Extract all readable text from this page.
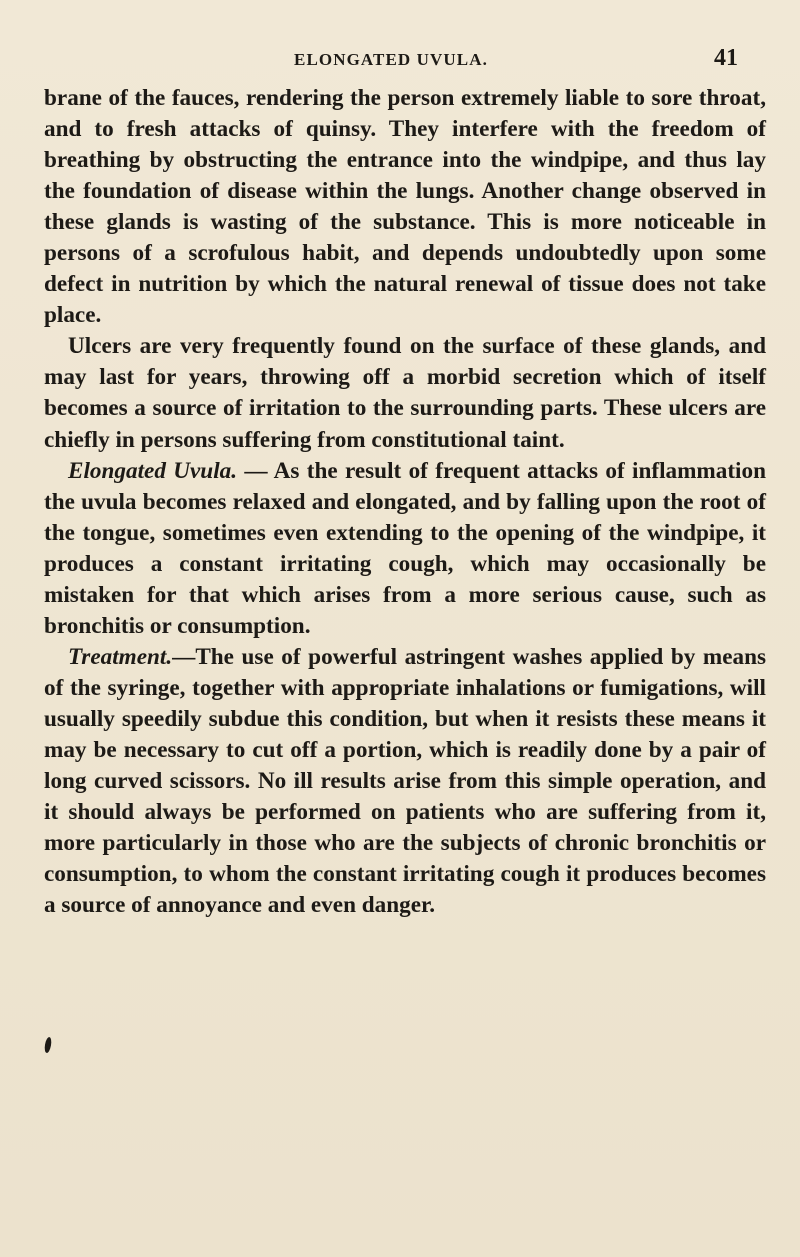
ELONGATED UVULA.	41

brane of the fauces, rendering the person extremely liable to sore throat, and to fresh attacks of quinsy. They interfere with the freedom of breathing by obstructing the entrance into the windpipe, and thus lay the foundation of disease within the lungs. Another change observed in these glands is wasting of the substance. This is more noticeable in persons of a scrofulous habit, and depends undoubtedly upon some defect in nutrition by which the natural renewal of tissue does not take place.

Ulcers are very frequently found on the surface of these glands, and may last for years, throwing off a morbid secretion which of itself becomes a source of irritation to the surrounding parts. These ulcers are chiefly in persons suffering from constitutional taint.

Elongated Uvula. — As the result of frequent attacks of inflammation the uvula becomes relaxed and elongated, and by falling upon the root of the tongue, sometimes even extending to the opening of the windpipe, it produces a constant irritating cough, which may occasionally be mistaken for that which arises from a more serious cause, such as bronchitis or consumption.

Treatment.—The use of powerful astringent washes applied by means of the syringe, together with appropriate inhalations or fumigations, will usually speedily subdue this condition, but when it resists these means it may be necessary to cut off a portion, which is readily done by a pair of long curved scissors. No ill results arise from this simple operation, and it should always be performed on patients who are suffering from it, more particularly in those who are the subjects of chronic bronchitis or consumption, to whom the constant irritating cough it produces becomes a source of annoyance and even danger.
